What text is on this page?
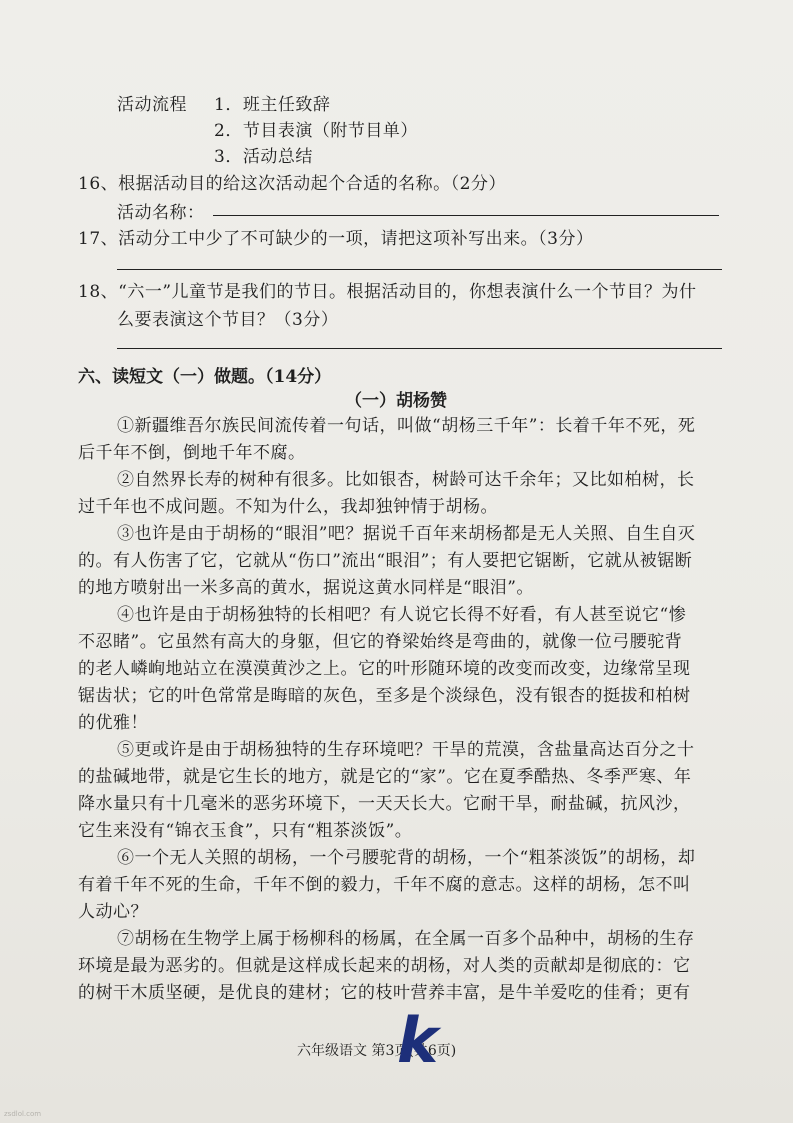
活动流程 1．班主任致辞
2．节目表演（附节目单）
3．活动总结
16、根据活动目的给这次活动起个合适的名称。（2分）
活动名称：
17、活动分工中少了不可缺少的一项，请把这项补写出来。（3分）
18、“六一”儿童节是我们的节日。根据活动目的，你想表演什么一个节目？为什
么要表演这个节目？（3分）
六、读短文（一）做题。（14分）
（一）胡杨赞
①新疆维吾尔族民间流传着一句话，叫做“胡杨三千年”：长着千年不死，死
后千年不倒，倒地千年不腐。
②自然界长寿的树种有很多。比如银杏，树龄可达千余年；又比如柏树，长
过千年也不成问题。不知为什么，我却独钟情于胡杨。
③也许是由于胡杨的“眼泪”吧？据说千百年来胡杨都是无人关照、自生自灭
的。有人伤害了它，它就从“伤口”流出“眼泪”；有人要把它锯断，它就从被锯断
的地方喷射出一米多高的黄水，据说这黄水同样是“眼泪”。
④也许是由于胡杨独特的长相吧？有人说它长得不好看，有人甚至说它“惨
不忍睹”。它虽然有高大的身躯，但它的脊梁始终是弯曲的，就像一位弓腰驼背
的老人嶙峋地站立在漠漠黄沙之上。它的叶形随环境的改变而改变，边缘常呈现
锯齿状；它的叶色常常是晦暗的灰色，至多是个淡绿色，没有银杏的挺拔和柏树
的优雅！
⑤更或许是由于胡杨独特的生存环境吧？干旱的荒漠，含盐量高达百分之十
的盐碱地带，就是它生长的地方，就是它的“家”。它在夏季酷热、冬季严寒、年
降水量只有十几毫米的恶劣环境下，一天天长大。它耐干旱，耐盐碱，抗风沙，
它生来没有“锦衣玉食”，只有“粗茶淡饭”。
⑥一个无人关照的胡杨，一个弓腰驼背的胡杨，一个“粗茶淡饭”的胡杨，却
有着千年不死的生命，千年不倒的毅力，千年不腐的意志。这样的胡杨，怎不叫
人动心？
⑦胡杨在生物学上属于杨柳科的杨属，在全属一百多个品种中，胡杨的生存
环境是最为恶劣的。但就是这样成长起来的胡杨，对人类的贡献却是彻底的：它
的树干木质坚硬，是优良的建材；它的枝叶营养丰富，是牛羊爱吃的佳肴；更有
六年级语文 第3页(共6页)
k
zsdlol.com
